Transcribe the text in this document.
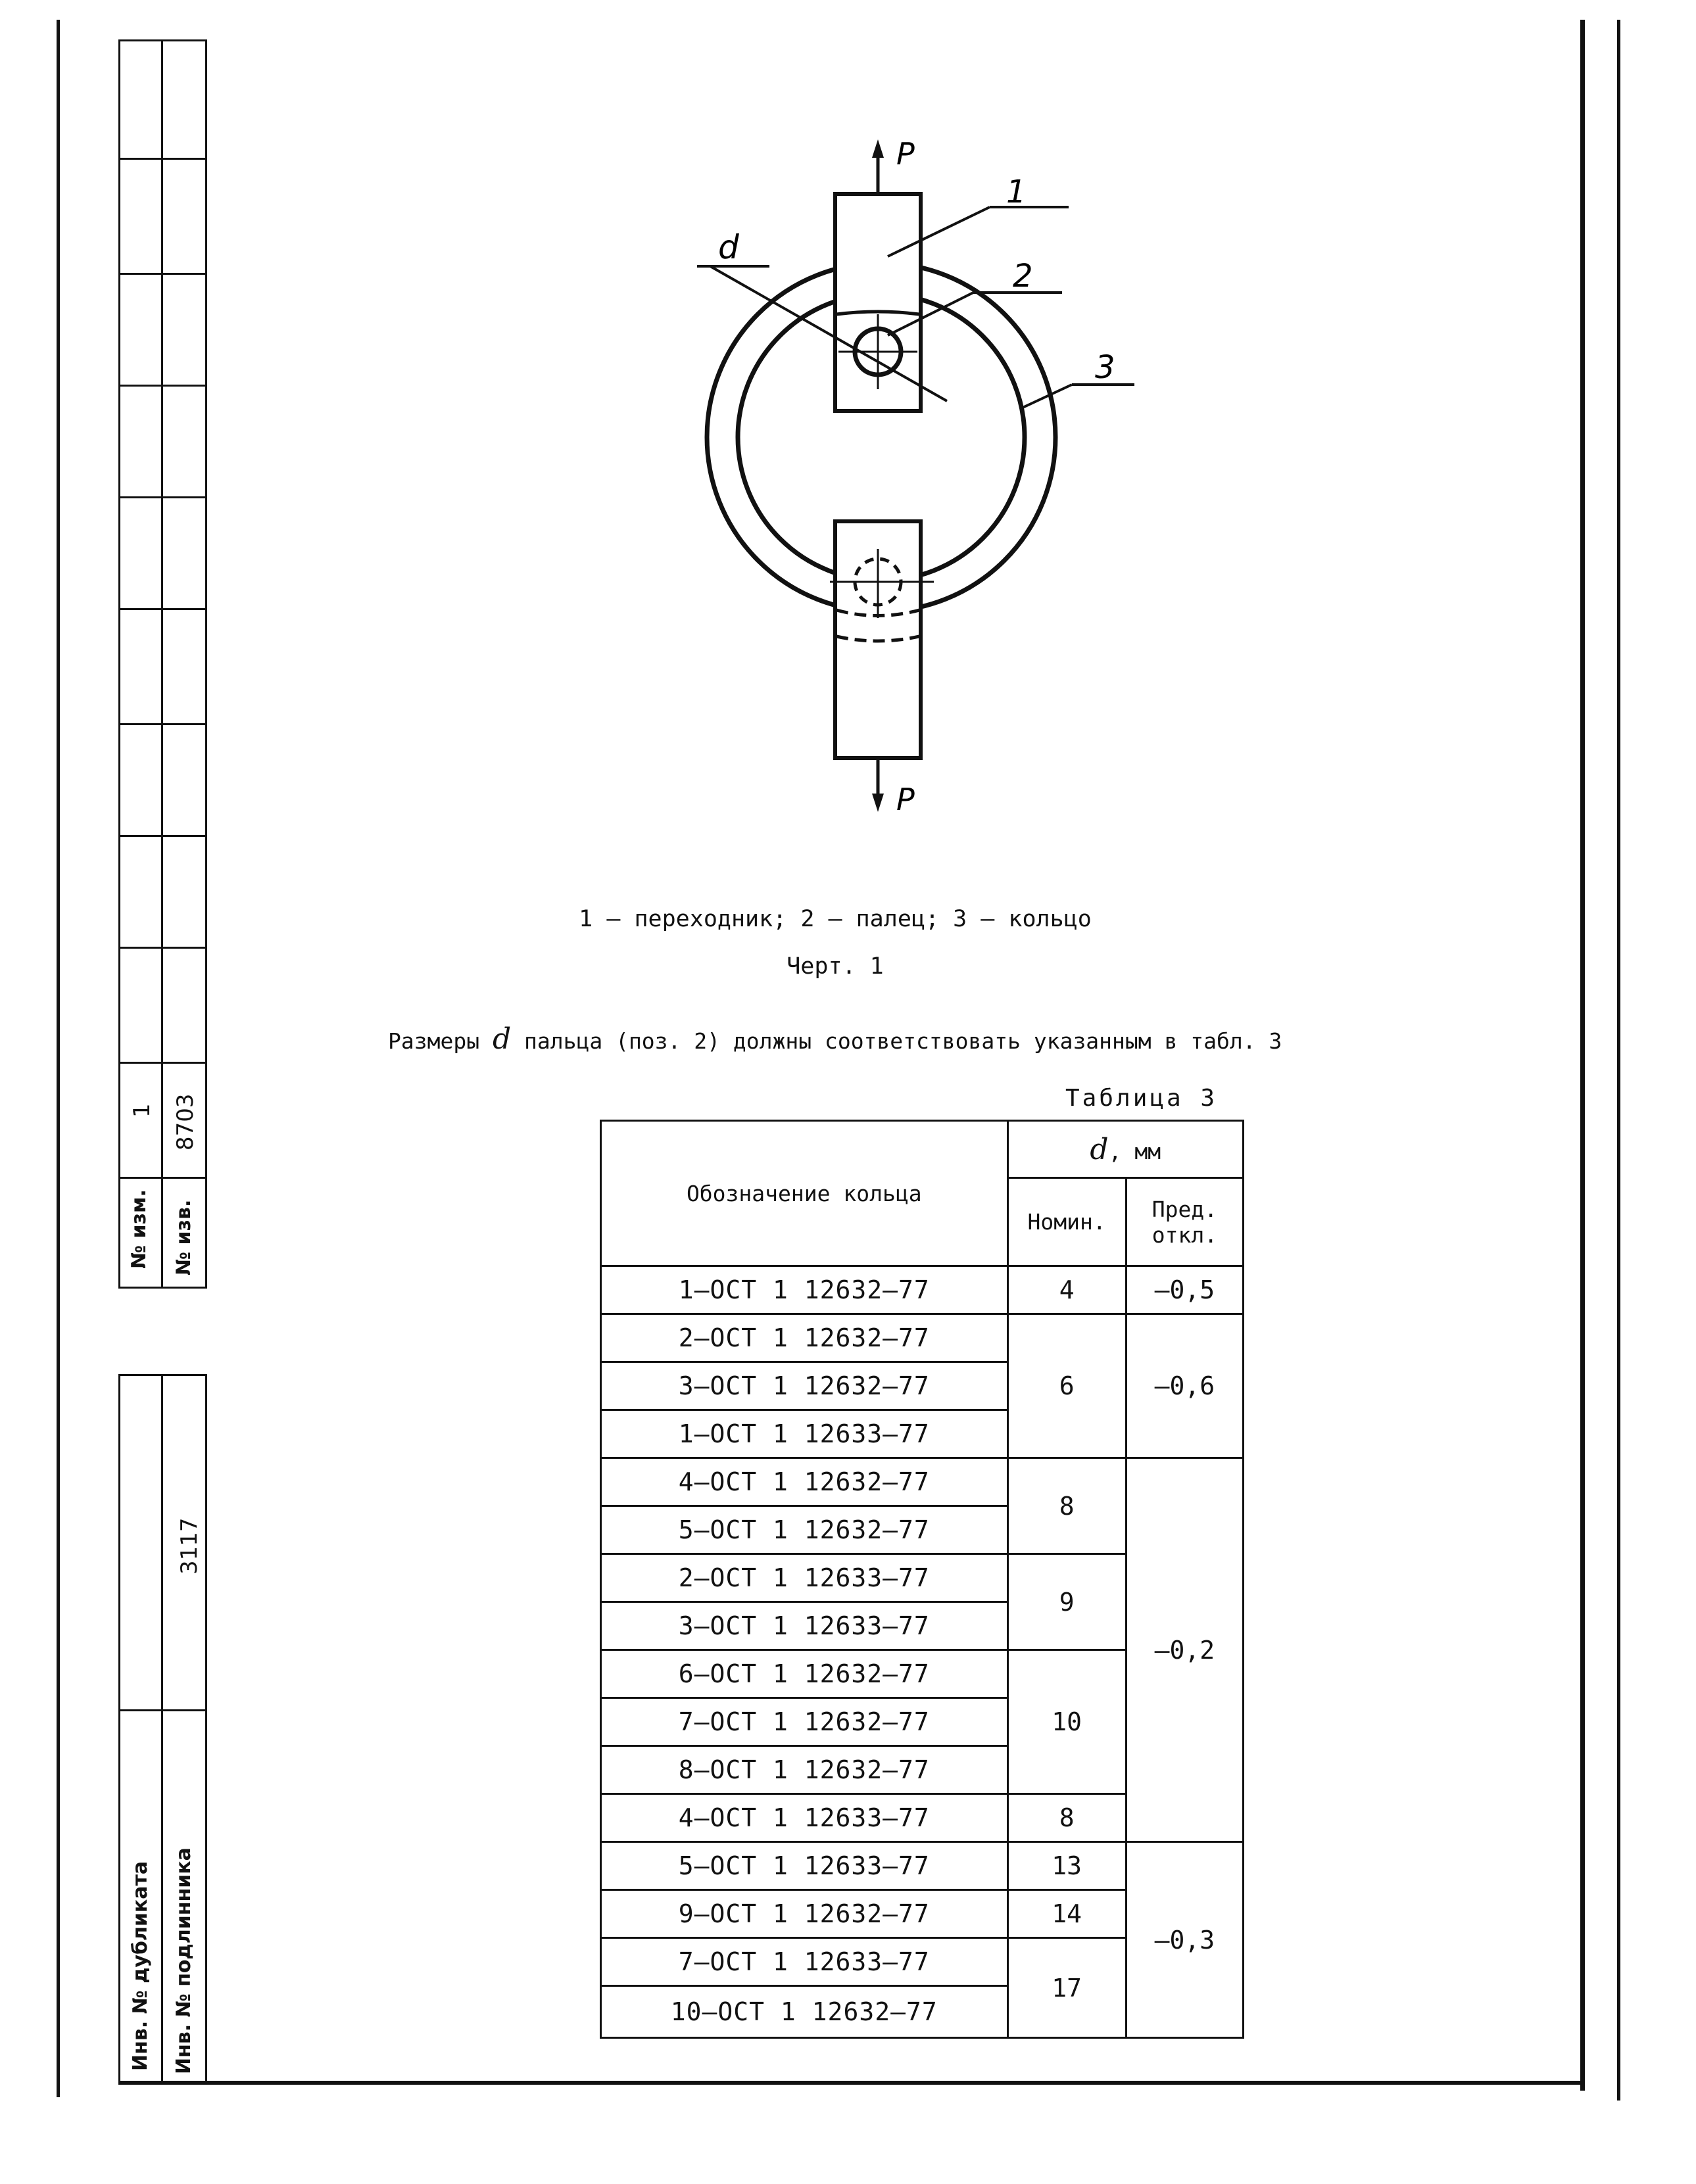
1 8703
№ изм. № изв.
3117
Инв. № дубликата Инв. № подлинника
P
P
1
2
3
d
1 – переходник; 2 – палец; 3 – кольцо
Черт. 1
Размеры d пальца (поз. 2) должны соответствовать указанным в табл. 3
Таблица 3
Обозначение кольца	d, мм	
	Номин.	Пред.
откл.

1–ОСТ 1 12632–77	4	–0,5
2–ОСТ 1 12632–77	6	–0,6
3–ОСТ 1 12632–77		
1–ОСТ 1 12633–77		
4–ОСТ 1 12632–77	8	–0,2
5–ОСТ 1 12632–77		
2–ОСТ 1 12633–77	9	
3–ОСТ 1 12633–77		
6–ОСТ 1 12632–77	10	
7–ОСТ 1 12632–77		
8–ОСТ 1 12632–77		
4–ОСТ 1 12633–77	8	
5–ОСТ 1 12633–77	13	–0,3
9–ОСТ 1 12632–77	14	
7–ОСТ 1 12633–77	17	
10–ОСТ 1 12632–77		
